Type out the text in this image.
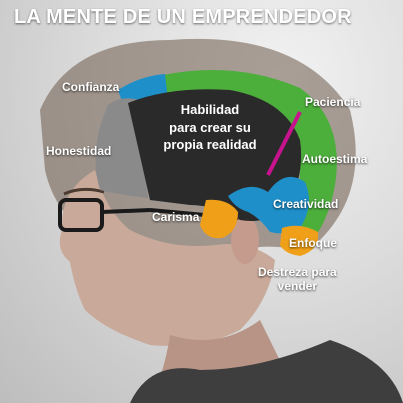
LA MENTE DE UN EMPRENDEDOR
Habilidad
para crear su
propia realidad
Confianza
Honestidad
Paciencia
Autoestima
Creatividad
Carisma
Enfoque
Destreza para
vender
